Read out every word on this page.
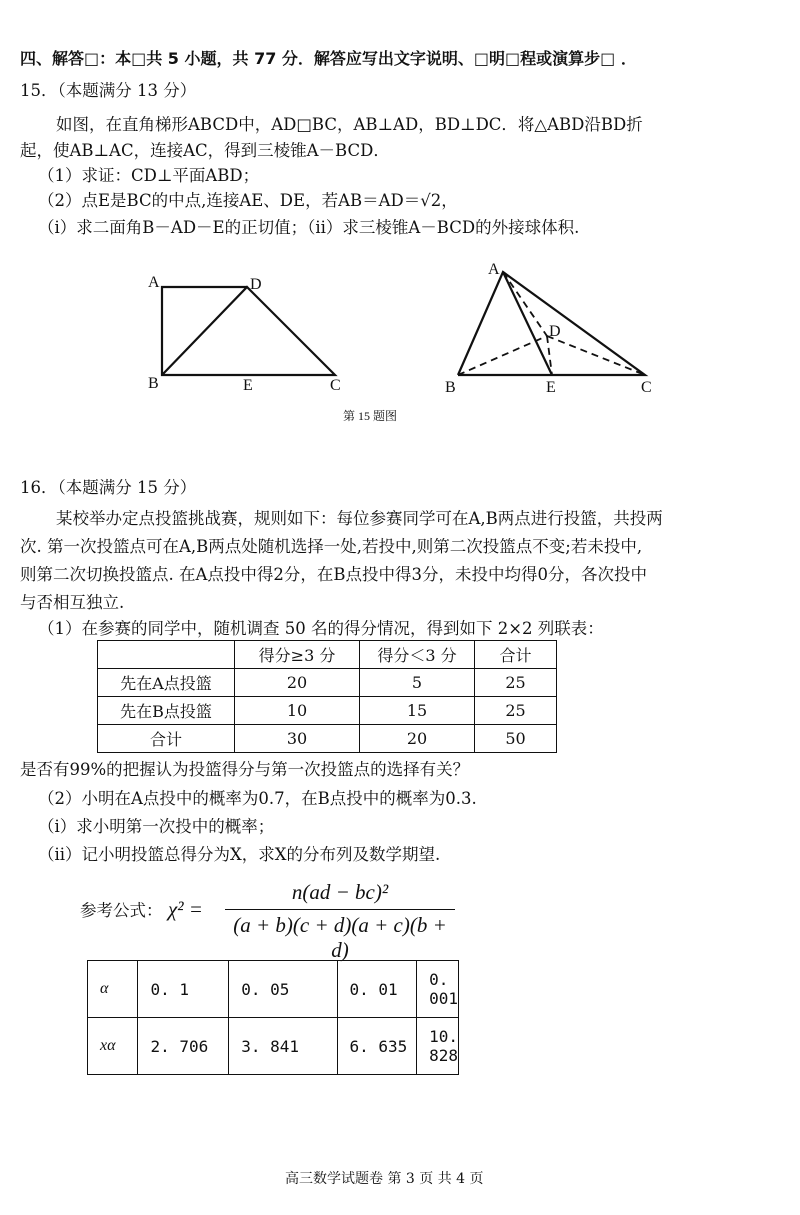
四、解答□：本□共 5 小题，共 77 分．解答应写出文字说明、□明□程或演算步□ ．
15．（本题满分 13 分）
如图，在直角梯形ABCD中，AD□BC，AB⊥AD，BD⊥DC．将△ABD沿BD折
起，使AB⊥AC，连接AC，得到三棱锥A－BCD．
（1）求证：CD⊥平面ABD；
（2）点E是BC的中点,连接AE、DE，若AB＝AD＝√2，
（i）求二面角B－AD－E的正切值；（ii）求三棱锥A－BCD的外接球体积.
A	D
B	E	C
A
D
B	E	C
第 15 题图
16．（本题满分 15 分）
某校举办定点投篮挑战赛，规则如下：每位参赛同学可在A,B两点进行投篮，共投两
次. 第一次投篮点可在A,B两点处随机选择一处,若投中,则第二次投篮点不变;若未投中,
则第二次切换投篮点. 在A点投中得2分，在B点投中得3分，未投中均得0分，各次投中
与否相互独立.
（1）在参赛的同学中，随机调查 50 名的得分情况，得到如下 2×2 列联表：
	得分≥3 分	得分＜3 分	合计
先在A点投篮	20	5	25
先在B点投篮	10	15	25
合计	30	20	50
是否有99%的把握认为投篮得分与第一次投篮点的选择有关？
（2）小明在A点投中的概率为0.7，在B点投中的概率为0.3.
（i）求小明第一次投中的概率；
（ii）记小明投篮总得分为X，求X的分布列及数学期望.
参考公式： χ² =
n(ad − bc)²
(a + b)(c + d)(a + c)(b + d)
α	0. 1	0. 05	0. 01	0. 001
xα	2. 706	3. 841	6. 635	10. 828
高三数学试题卷 第 3 页 共 4 页
